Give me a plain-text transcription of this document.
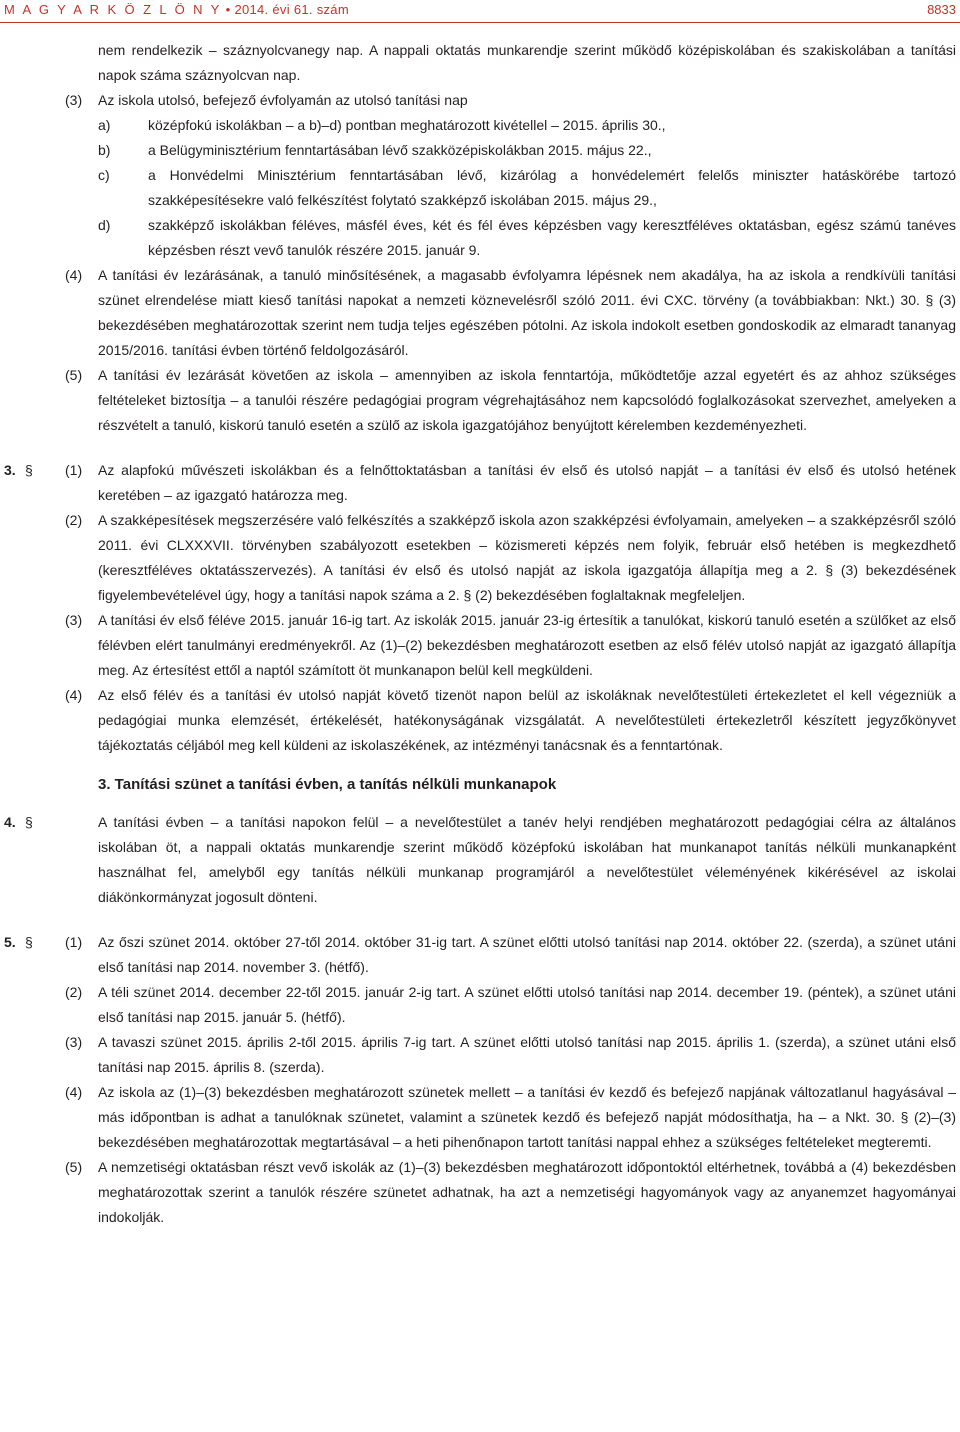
M A G Y A R K Ö Z L Ö N Y • 2014. évi 61. szám	8833
nem rendelkezik – száznyolcvanegy nap. A nappali oktatás munkarendje szerint működő középiskolában és szakiskolában a tanítási napok száma száznyolcvan nap.
(3) Az iskola utolsó, befejező évfolyamán az utolsó tanítási nap
a)	középfokú iskolákban – a b)–d) pontban meghatározott kivétellel – 2015. április 30.,
b)	a Belügyminisztérium fenntartásában lévő szakközépiskolákban 2015. május 22.,
c)	a Honvédelmi Minisztérium fenntartásában lévő, kizárólag a honvédelemért felelős miniszter hatáskörébe tartozó szakképesítésekre való felkészítést folytató szakképző iskolában 2015. május 29.,
d)	szakképző iskolákban féléves, másfél éves, két és fél éves képzésben vagy keresztféléves oktatásban, egész számú tanéves képzésben részt vevő tanulók részére 2015. január 9.
(4) A tanítási év lezárásának, a tanuló minősítésének, a magasabb évfolyamra lépésnek nem akadálya, ha az iskola a rendkívüli tanítási szünet elrendelése miatt kieső tanítási napokat a nemzeti köznevelésről szóló 2011. évi CXC. törvény (a továbbiakban: Nkt.) 30. § (3) bekezdésében meghatározottak szerint nem tudja teljes egészében pótolni. Az iskola indokolt esetben gondoskodik az elmaradt tananyag 2015/2016. tanítási évben történő feldolgozásáról.
(5) A tanítási év lezárását követően az iskola – amennyiben az iskola fenntartója, működtetője azzal egyetért és az ahhoz szükséges feltételeket biztosítja – a tanulói részére pedagógiai program végrehajtásához nem kapcsolódó foglalkozásokat szervezhet, amelyeken a részvételt a tanuló, kiskorú tanuló esetén a szülő az iskola igazgatójához benyújtott kérelemben kezdeményezheti.
3. § (1) Az alapfokú művészeti iskolákban és a felnőttoktatásban a tanítási év első és utolsó napját – a tanítási év első és utolsó hetének keretében – az igazgató határozza meg.
(2) A szakképesítések megszerzésére való felkészítés a szakképző iskola azon szakképzési évfolyamain, amelyeken – a szakképzésről szóló 2011. évi CLXXXVII. törvényben szabályozott esetekben – közismereti képzés nem folyik, február első hetében is megkezdhető (keresztféléves oktatásszervezés). A tanítási év első és utolsó napját az iskola igazgatója állapítja meg a 2. § (3) bekezdésének figyelembevételével úgy, hogy a tanítási napok száma a 2. § (2) bekezdésében foglaltaknak megfeleljen.
(3) A tanítási év első féléve 2015. január 16-ig tart. Az iskolák 2015. január 23-ig értesítik a tanulókat, kiskorú tanuló esetén a szülőket az első félévben elért tanulmányi eredményekről. Az (1)–(2) bekezdésben meghatározott esetben az első félév utolsó napját az igazgató állapítja meg. Az értesítést ettől a naptól számított öt munkanapon belül kell megküldeni.
(4) Az első félév és a tanítási év utolsó napját követő tizenöt napon belül az iskoláknak nevelőtestületi értekezletet el kell végezniük a pedagógiai munka elemzését, értékelését, hatékonyságának vizsgálatát. A nevelőtestületi értekezletről készített jegyzőkönyvet tájékoztatás céljából meg kell küldeni az iskolaszékének, az intézményi tanácsnak és a fenntartónak.
3. Tanítási szünet a tanítási évben, a tanítás nélküli munkanapok
4. §	A tanítási évben – a tanítási napokon felül – a nevelőtestület a tanév helyi rendjében meghatározott pedagógiai célra az általános iskolában öt, a nappali oktatás munkarendje szerint működő középfokú iskolában hat munkanapot tanítás nélküli munkanapként használhat fel, amelyből egy tanítás nélküli munkanap programjáról a nevelőtestület véleményének kikérésével az iskolai diákönkormányzat jogosult dönteni.
5. § (1) Az őszi szünet 2014. október 27-től 2014. október 31-ig tart. A szünet előtti utolsó tanítási nap 2014. október 22. (szerda), a szünet utáni első tanítási nap 2014. november 3. (hétfő).
(2) A téli szünet 2014. december 22-től 2015. január 2-ig tart. A szünet előtti utolsó tanítási nap 2014. december 19. (péntek), a szünet utáni első tanítási nap 2015. január 5. (hétfő).
(3) A tavaszi szünet 2015. április 2-től 2015. április 7-ig tart. A szünet előtti utolsó tanítási nap 2015. április 1. (szerda), a szünet utáni első tanítási nap 2015. április 8. (szerda).
(4) Az iskola az (1)–(3) bekezdésben meghatározott szünetek mellett – a tanítási év kezdő és befejező napjának változatlanul hagyásával – más időpontban is adhat a tanulóknak szünetet, valamint a szünetek kezdő és befejező napját módosíthatja, ha – a Nkt. 30. § (2)–(3) bekezdésében meghatározottak megtartásával – a heti pihenőnapon tartott tanítási nappal ehhez a szükséges feltételeket megteremti.
(5) A nemzetiségi oktatásban részt vevő iskolák az (1)–(3) bekezdésben meghatározott időpontoktól eltérhetnek, továbbá a (4) bekezdésben meghatározottak szerint a tanulók részére szünetet adhatnak, ha azt a nemzetiségi hagyományok vagy az anyanemzet hagyományai indokolják.
